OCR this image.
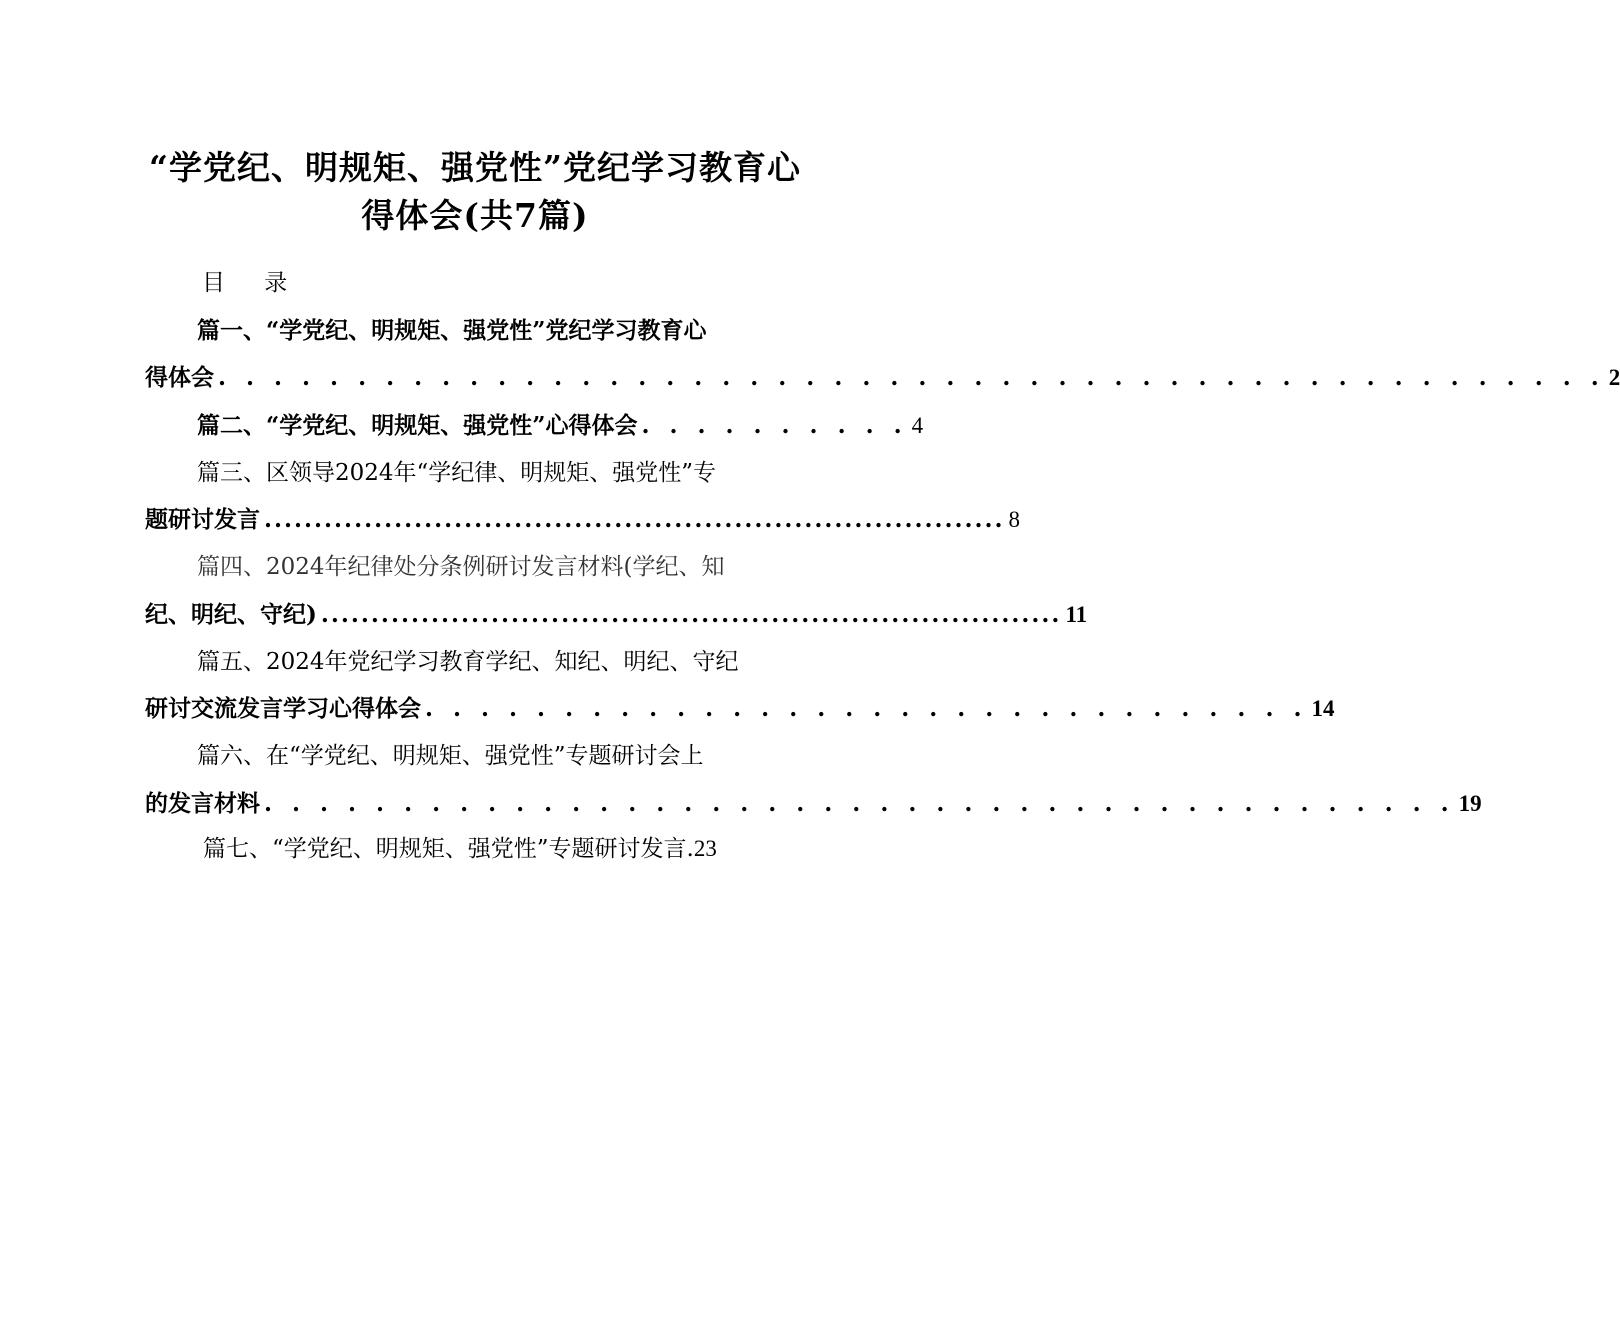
“学党纪、明规矩、强党性”党纪学习教育心
得体会(共7篇)
目 录
篇一、“学党纪、明规矩、强党性”党纪学习教育心
得体会 . . . . . . . . . . . . . . . . . . . . . . . . . . . . . . . . . . . . . . . . . . . . . . . . . . 2
篇二、“学党纪、明规矩、强党性”心得体会 . . . . . . . . . . 4
篇三、区领导2024年“学纪律、明规矩、强党性”专
题研讨发言 .......................................................................... 8
篇四、2024年纪律处分条例研讨发言材料(学纪、知
纪、明纪、守纪) .......................................................................... 11
篇五、2024年党纪学习教育学纪、知纪、明纪、守纪
研讨交流发言学习心得体会 . . . . . . . . . . . . . . . . . . . . . . . . . . . . . . . . 14
篇六、在“学党纪、明规矩、强党性”专题研讨会上
的发言材料 . . . . . . . . . . . . . . . . . . . . . . . . . . . . . . . . . . . . . . . . . . . 19
篇七、“学党纪、明规矩、强党性”专题研讨发言 . 23
